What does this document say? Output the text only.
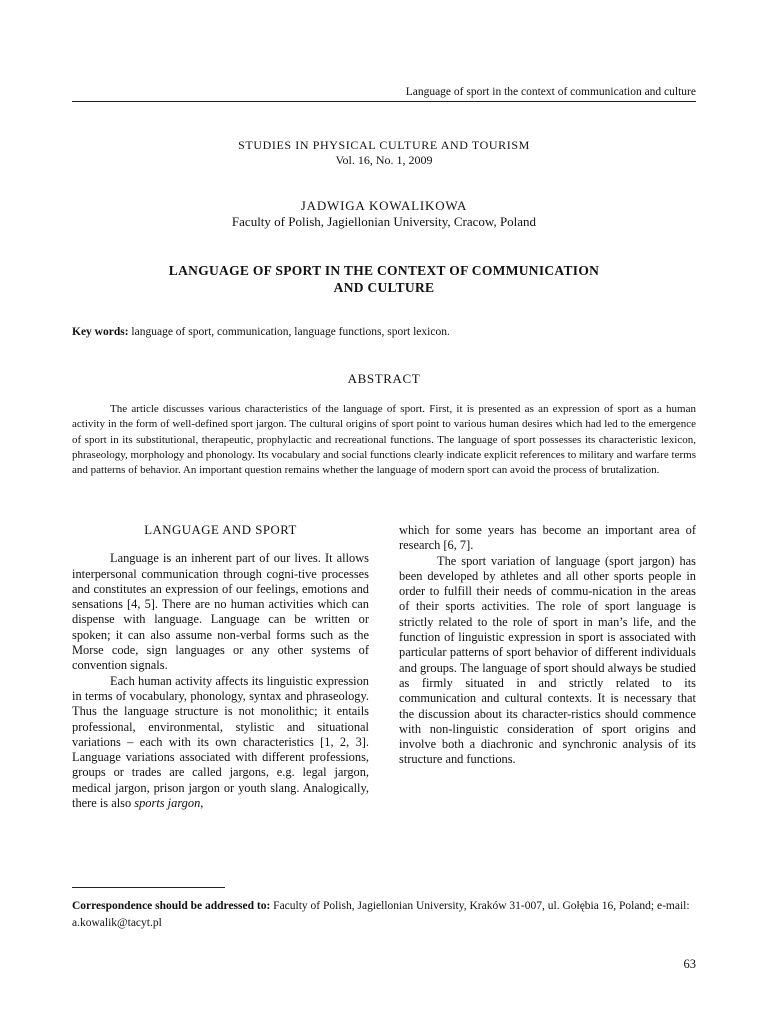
Language of sport in the context of communication and culture
STUDIES IN PHYSICAL CULTURE AND TOURISM
Vol. 16, No. 1, 2009
JADWIGA KOWALIKOWA
Faculty of Polish, Jagiellonian University, Cracow, Poland
LANGUAGE OF SPORT IN THE CONTEXT OF COMMUNICATION
AND CULTURE
Key words: language of sport, communication, language functions, sport lexicon.
ABSTRACT
The article discusses various characteristics of the language of sport. First, it is presented as an expression of sport as a human activity in the form of well-defined sport jargon. The cultural origins of sport point to various human desires which had led to the emergence of sport in its substitutional, therapeutic, prophylactic and recreational functions. The language of sport possesses its characteristic lexicon, phraseology, morphology and phonology. Its vocabulary and social functions clearly indicate explicit references to military and warfare terms and patterns of behavior. An important question remains whether the language of modern sport can avoid the process of brutalization.
LANGUAGE AND SPORT

Language is an inherent part of our lives. It allows interpersonal communication through cogni-tive processes and constitutes an expression of our feelings, emotions and sensations [4, 5]. There are no human activities which can dispense with language. Language can be written or spoken; it can also assume non-verbal forms such as the Morse code, sign languages or any other systems of convention signals.

Each human activity affects its linguistic expression in terms of vocabulary, phonology, syntax and phraseology. Thus the language structure is not monolithic; it entails professional, environmental, stylistic and situational variations – each with its own characteristics [1, 2, 3]. Language variations associated with different professions, groups or trades are called jargons, e.g. legal jargon, medical jargon, prison jargon or youth slang. Analogically, there is also sports jargon,

which for some years has become an important area of research [6, 7].

The sport variation of language (sport jargon) has been developed by athletes and all other sports people in order to fulfill their needs of commu-nication in the areas of their sports activities. The role of sport language is strictly related to the role of sport in man’s life, and the function of linguistic expression in sport is associated with particular patterns of sport behavior of different individuals and groups. The language of sport should always be studied as firmly situated in and strictly related to its communication and cultural contexts. It is necessary that the discussion about its character-ristics should commence with non-linguistic consideration of sport origins and involve both a diachronic and synchronic analysis of its structure and functions.

Correspondence should be addressed to: Faculty of Polish, Jagiellonian University, Kraków 31-007, ul. Gołębia 16, Poland; e-mail: a.kowalik@tacyt.pl
63
